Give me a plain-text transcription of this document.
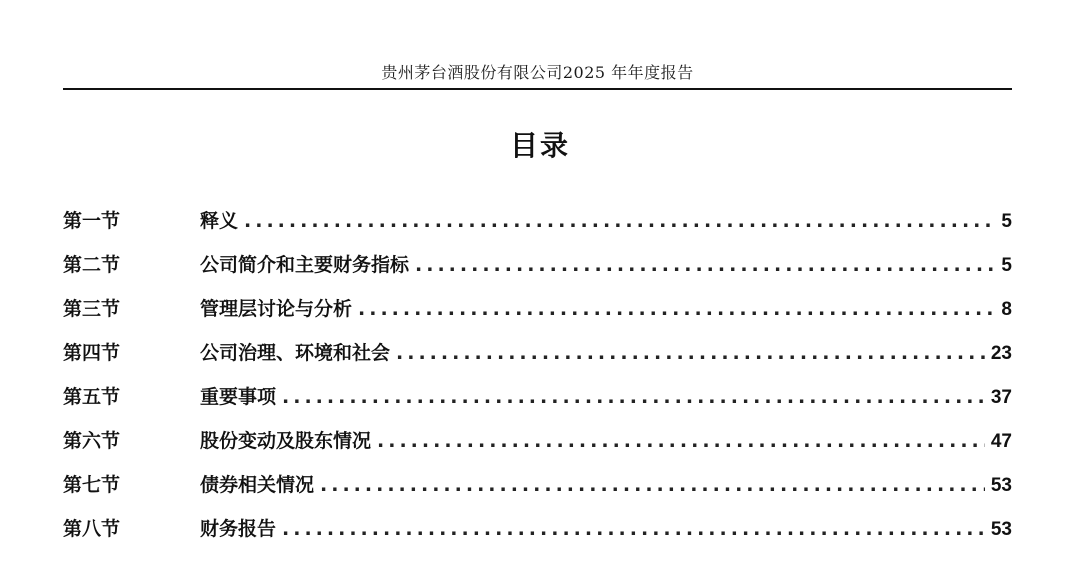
贵州茅台酒股份有限公司2025 年年度报告
目录
第一节	释义 .....	5
第二节	公司简介和主要财务指标 .....	5
第三节	管理层讨论与分析 .....	8
第四节	公司治理、环境和社会 .....	23
第五节	重要事项 .....	37
第六节	股份变动及股东情况 .....	47
第七节	债券相关情况 .....	53
第八节	财务报告 .....	53
